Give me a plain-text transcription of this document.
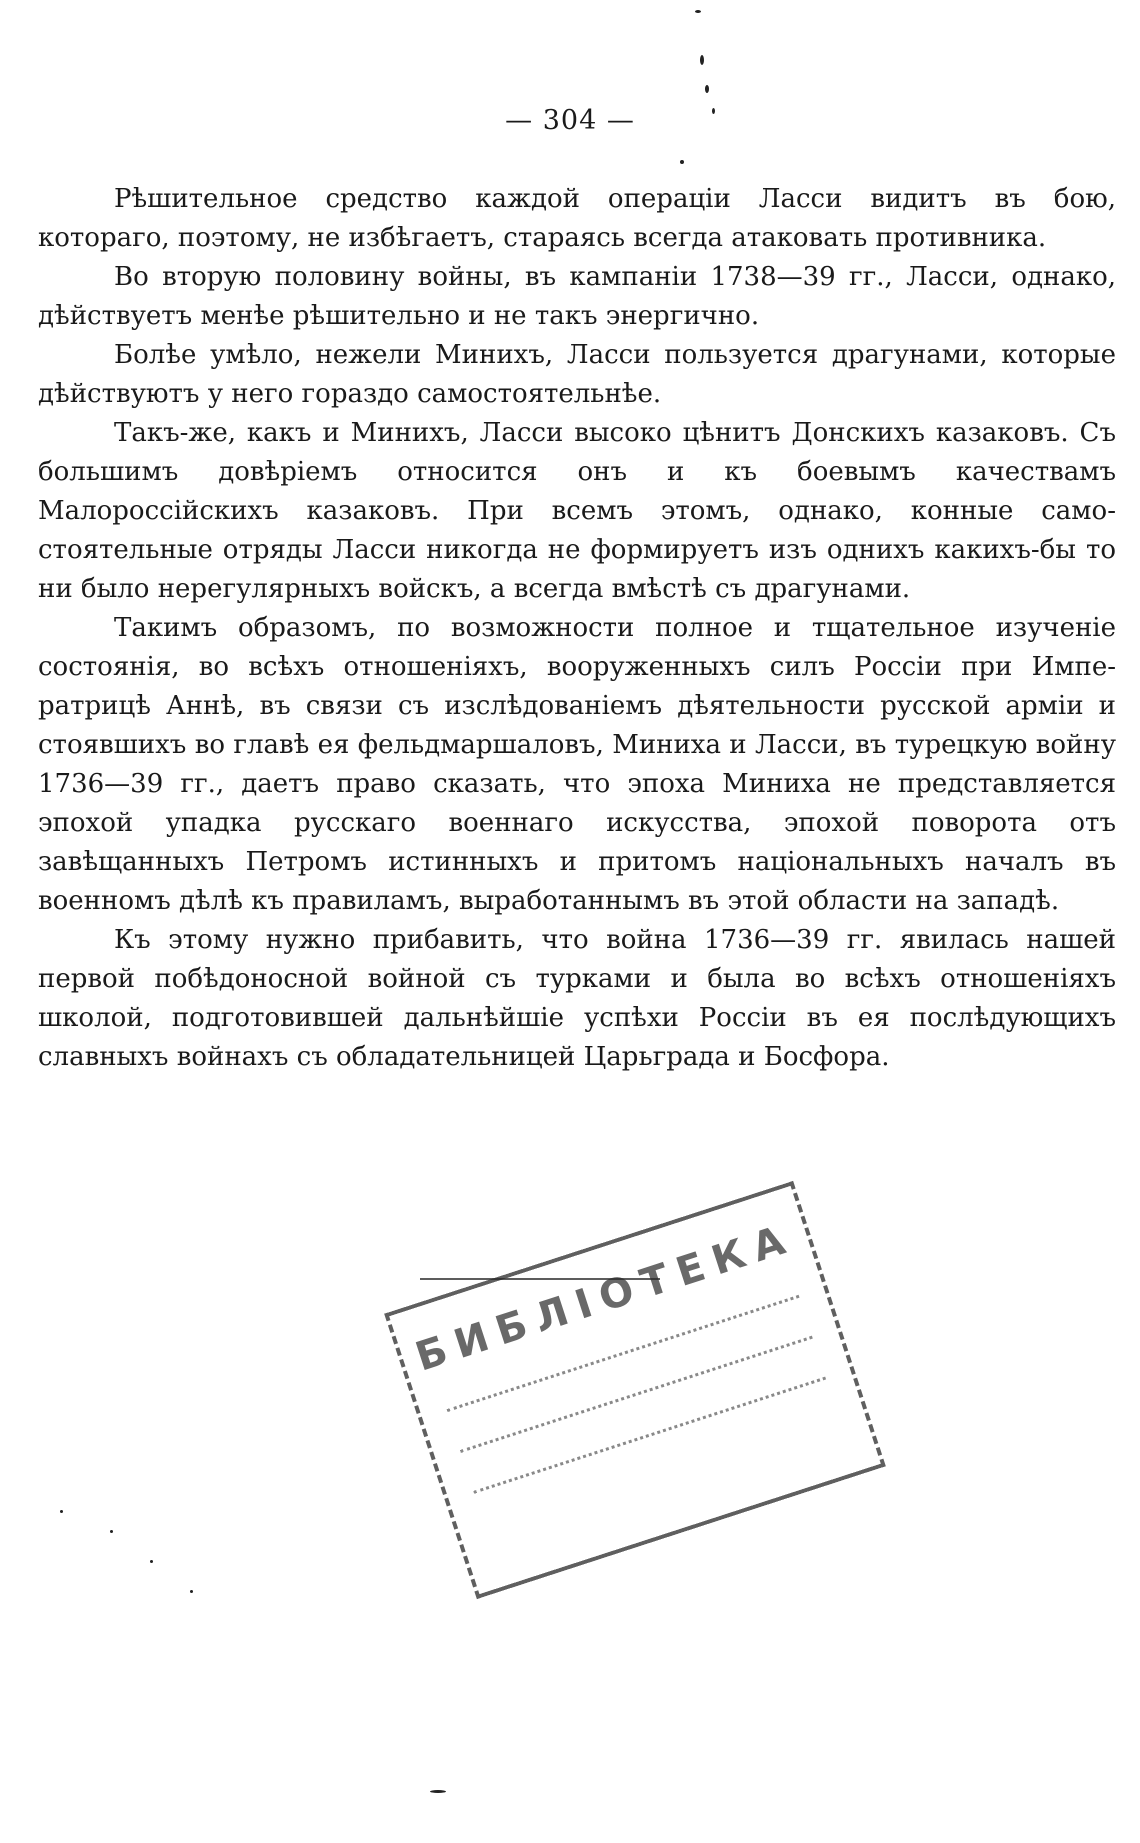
— 304 —

Рѣшительное средство каждой операціи Ласси видитъ въ бою, котораго, поэтому, не избѣгаетъ, стараясь всегда атаковать противника.

Во вторую половину войны, въ кампаніи 1738—39 гг., Ласси, однако, дѣйствуетъ менѣе рѣшительно и не такъ энергично.

Болѣе умѣло, нежели Минихъ, Ласси пользуется драгунами, которые дѣйствуютъ у него гораздо самостоятельнѣе.

Такъ-же, какъ и Минихъ, Ласси высоко цѣнитъ Донскихъ казаковъ. Съ большимъ довѣріемъ относится онъ и къ боевымъ качествамъ Малороссійскихъ казаковъ. При всемъ этомъ, однако, конные самостоятельные отряды Ласси никогда не формируетъ изъ однихъ какихъ-бы то ни было нерегулярныхъ войскъ, а всегда вмѣстѣ съ драгунами.

Такимъ образомъ, по возможности полное и тщательное изученіе состоянія, во всѣхъ отношеніяхъ, вооруженныхъ силъ Россіи при Императрицѣ Аннѣ, въ связи съ изслѣдованіемъ дѣятельности русской арміи и стоявшихъ во главѣ ея фельдмаршаловъ, Миниха и Ласси, въ турецкую войну 1736—39 гг., даетъ право сказать, что эпоха Миниха не представляется эпохой упадка русскаго военнаго искусства, эпохой поворота отъ завѣщанныхъ Петромъ истинныхъ и притомъ національныхъ началъ въ военномъ дѣлѣ къ правиламъ, выработаннымъ въ этой области на западѣ.

Къ этому нужно прибавить, что война 1736—39 гг. явилась нашей первой побѣдоносной войной съ турками и была во всѣхъ отношеніяхъ школой, подготовившей дальнѣйшіе успѣхи Россіи въ ея послѣдующихъ славныхъ войнахъ съ обладательницей Царьграда и Босфора.

БИБЛІОТЕКА
